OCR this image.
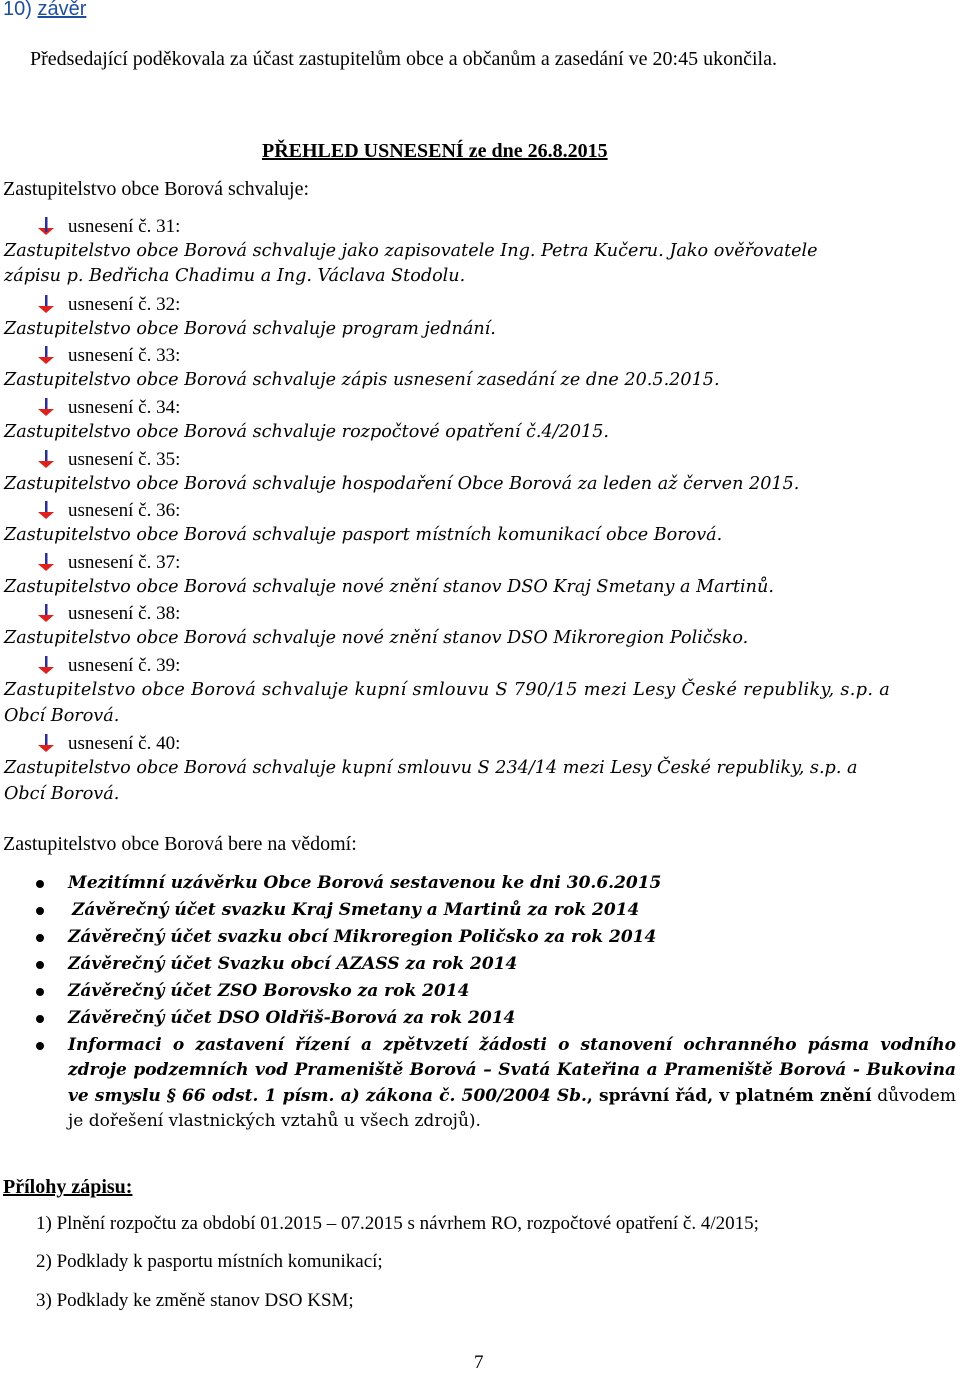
10) závěr
Předsedající poděkovala za účast zastupitelům obce a občanům a zasedání ve 20:45 ukončila.
PŘEHLED USNESENÍ ze dne 26.8.2015
Zastupitelstvo obce Borová schvaluje:
usnesení č. 31:
Zastupitelstvo obce Borová schvaluje jako zapisovatele Ing. Petra Kučeru. Jako ověřovatele
zápisu p. Bedřicha Chadimu a Ing. Václava Stodolu.
usnesení č. 32:
Zastupitelstvo obce Borová schvaluje program jednání.
usnesení č. 33:
Zastupitelstvo obce Borová schvaluje zápis usnesení zasedání ze dne 20.5.2015.
usnesení č. 34:
Zastupitelstvo obce Borová schvaluje rozpočtové opatření č.4/2015.
usnesení č. 35:
Zastupitelstvo obce Borová schvaluje hospodaření Obce Borová za leden až červen 2015.
usnesení č. 36:
Zastupitelstvo obce Borová schvaluje pasport místních komunikací obce Borová.
usnesení č. 37:
Zastupitelstvo obce Borová schvaluje nové znění stanov DSO Kraj Smetany a Martinů.
usnesení č. 38:
Zastupitelstvo obce Borová schvaluje nové znění stanov DSO Mikroregion Poličsko.
usnesení č. 39:
Zastupitelstvo obce Borová schvaluje kupní smlouvu S 790/15 mezi Lesy České republiky, s.p. a
Obcí Borová.
usnesení č. 40:
Zastupitelstvo obce Borová schvaluje kupní smlouvu S 234/14 mezi Lesy České republiky, s.p. a
Obcí Borová.
Zastupitelstvo obce Borová bere na vědomí:
Mezitímní uzávěrku Obce Borová sestavenou ke dni 30.6.2015
Závěrečný účet svazku Kraj Smetany a Martinů za rok 2014
Závěrečný účet svazku obcí Mikroregion Poličsko za rok 2014
Závěrečný účet Svazku obcí AZASS za rok 2014
Závěrečný účet ZSO Borovsko za rok 2014
Závěrečný účet DSO Oldřiš-Borová za rok 2014
Informaci o zastavení řízení a zpětvzetí žádosti o stanovení ochranného pásma vodního zdroje podzemních vod Prameniště Borová – Svatá Kateřina a Prameniště Borová - Bukovina ve smyslu § 66 odst. 1 písm. a) zákona č. 500/2004 Sb., správní řád, v platném znění důvodem je dořešení vlastnických vztahů u všech zdrojů).
Přílohy zápisu:
1) Plnění rozpočtu za období 01.2015 – 07.2015 s návrhem RO, rozpočtové opatření č. 4/2015;
2) Podklady k pasportu místních komunikací;
3) Podklady ke změně stanov DSO KSM;
7
